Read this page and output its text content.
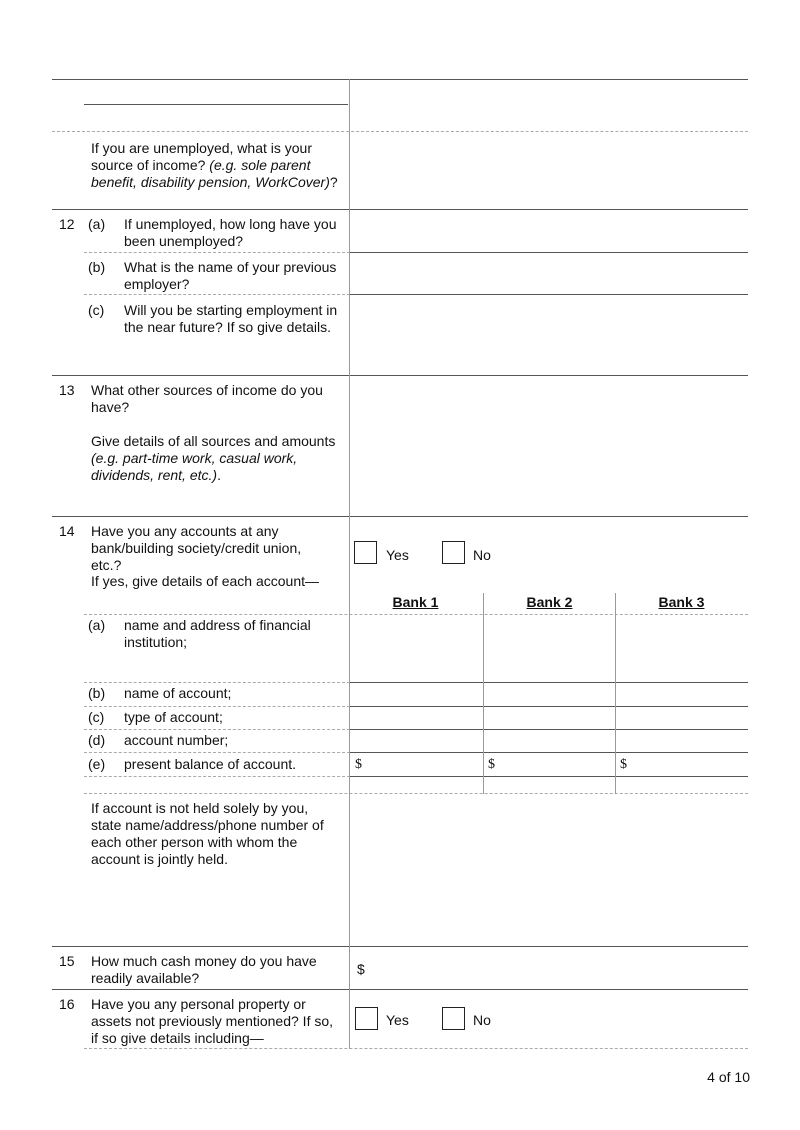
If you are unemployed, what is your source of income? (e.g. sole parent benefit, disability pension, WorkCover)?
12 (a) If unemployed, how long have you been unemployed?
(b) What is the name of your previous employer?
(c) Will you be starting employment in the near future? If so give details.
13 What other sources of income do you have?
Give details of all sources and amounts (e.g. part-time work, casual work, dividends, rent, etc.).
14 Have you any accounts at any bank/building society/credit union, etc.?
If yes, give details of each account—
Yes	No
Bank 1	Bank 2	Bank 3
(a) name and address of financial institution;
(b) name of account;
(c) type of account;
(d) account number;
(e) present balance of account.	$	$	$
If account is not held solely by you, state name/address/phone number of each other person with whom the account is jointly held.
15 How much cash money do you have readily available?
$
16 Have you any personal property or assets not previously mentioned? If so, if so give details including—
Yes	No
4 of 10
